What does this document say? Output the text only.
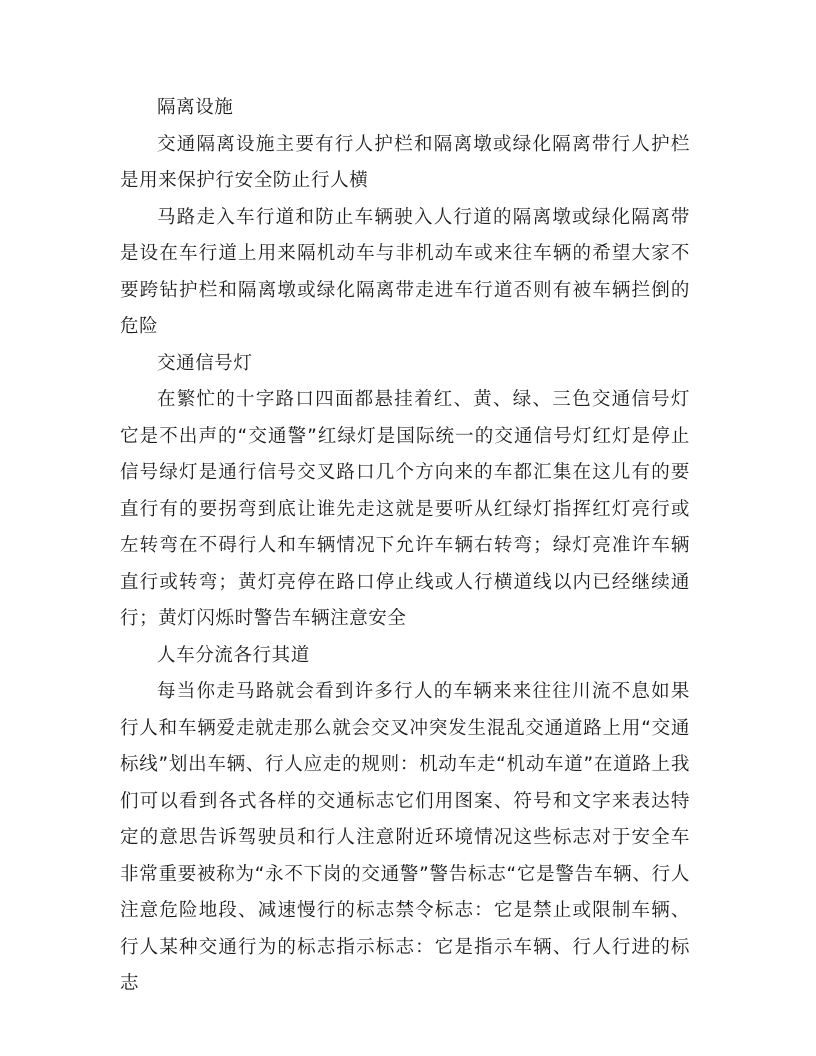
隔离设施

交通隔离设施主要有行人护栏和隔离墩或绿化隔离带行人护栏是用来保护行安全防止行人横

马路走入车行道和防止车辆驶入人行道的隔离墩或绿化隔离带是设在车行道上用来隔机动车与非机动车或来往车辆的希望大家不要跨钻护栏和隔离墩或绿化隔离带走进车行道否则有被车辆拦倒的危险

交通信号灯

在繁忙的十字路口四面都悬挂着红、黄、绿、三色交通信号灯它是不出声的“交通警”红绿灯是国际统一的交通信号灯红灯是停止信号绿灯是通行信号交叉路口几个方向来的车都汇集在这儿有的要直行有的要拐弯到底让谁先走这就是要听从红绿灯指挥红灯亮行或左转弯在不碍行人和车辆情况下允许车辆右转弯；绿灯亮准许车辆直行或转弯；黄灯亮停在路口停止线或人行横道线以内已经继续通行；黄灯闪烁时警告车辆注意安全

人车分流各行其道

每当你走马路就会看到许多行人的车辆来来往往川流不息如果行人和车辆爱走就走那么就会交叉冲突发生混乱交通道路上用“交通标线”划出车辆、行人应走的规则：机动车走“机动车道”在道路上我们可以看到各式各样的交通标志它们用图案、符号和文字来表达特定的意思告诉驾驶员和行人注意附近环境情况这些标志对于安全车非常重要被称为“永不下岗的交通警”警告标志“它是警告车辆、行人注意危险地段、减速慢行的标志禁令标志：它是禁止或限制车辆、行人某种交通行为的标志指示标志：它是指示车辆、行人行进的标志
